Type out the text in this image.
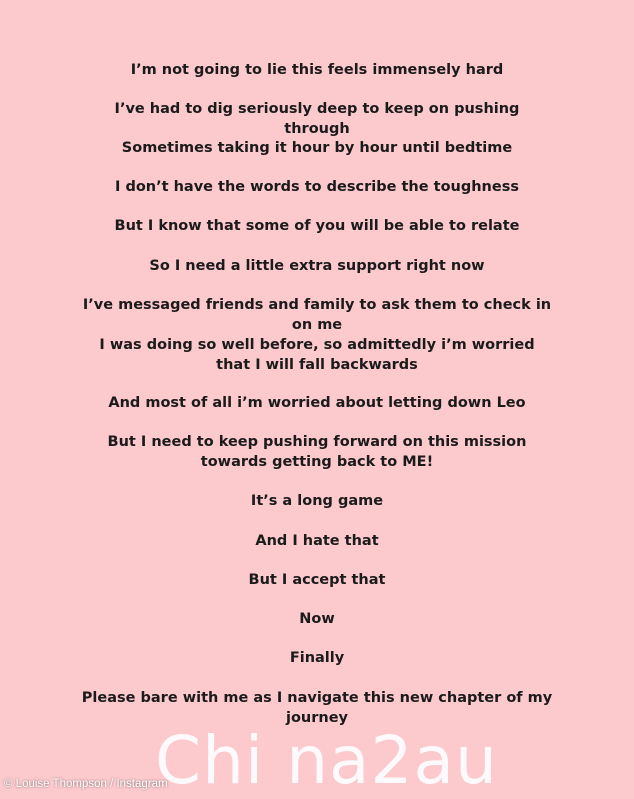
I’m not going to lie this feels immensely hard
I’ve had to dig seriously deep to keep on pushing through
Sometimes taking it hour by hour until bedtime
I don’t have the words to describe the toughness
But I know that some of you will be able to relate
So I need a little extra support right now
I’ve messaged friends and family to ask them to check in on me
I was doing so well before, so admittedly i’m worried that I will fall backwards
And most of all i’m worried about letting down Leo
But I need to keep pushing forward on this mission towards getting back to ME!
It’s a long game
And I hate that
But I accept that
Now
Finally
Please bare with me as I navigate this new chapter of my journey
Chi na2au
© Louise Thompson / Instagram
